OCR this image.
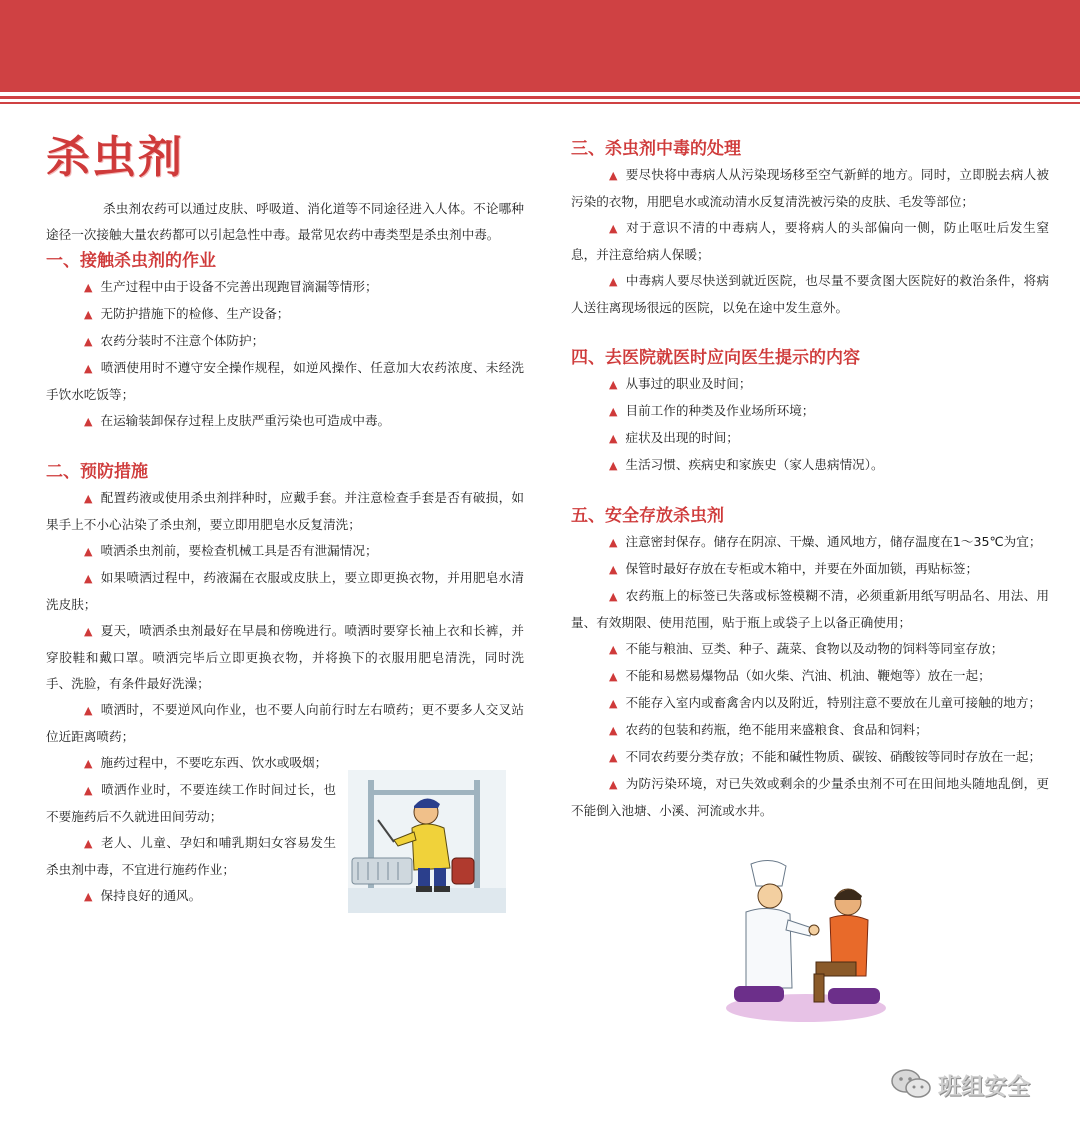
杀虫剂

杀虫剂农药可以通过皮肤、呼吸道、消化道等不同途径进入人体。不论哪种途径一次接触大量农药都可以引起急性中毒。最常见农药中毒类型是杀虫剂中毒。

一、接触杀虫剂的作业

▲ 生产过程中由于设备不完善出现跑冒滴漏等情形；

▲ 无防护措施下的检修、生产设备；

▲ 农药分装时不注意个体防护；

▲ 喷洒使用时不遵守安全操作规程，如逆风操作、任意加大农药浓度、未经洗手饮水吃饭等；

▲ 在运输装卸保存过程上皮肤严重污染也可造成中毒。

二、预防措施

▲ 配置药液或使用杀虫剂拌种时，应戴手套。并注意检查手套是否有破损，如果手上不小心沾染了杀虫剂，要立即用肥皂水反复清洗；

▲ 喷洒杀虫剂前，要检查机械工具是否有泄漏情况；

▲ 如果喷洒过程中，药液漏在衣服或皮肤上，要立即更换衣物，并用肥皂水清洗皮肤；

▲ 夏天，喷洒杀虫剂最好在早晨和傍晚进行。喷洒时要穿长袖上衣和长裤，并穿胶鞋和戴口罩。喷洒完毕后立即更换衣物，并将换下的衣服用肥皂清洗，同时洗手、洗脸，有条件最好洗澡；

▲ 喷洒时，不要逆风向作业，也不要人向前行时左右喷药；更不要多人交叉站位近距离喷药；

▲ 施药过程中，不要吃东西、饮水或吸烟；

▲ 喷洒作业时，不要连续工作时间过长，也不要施药后不久就进田间劳动；

▲ 老人、儿童、孕妇和哺乳期妇女容易发生杀虫剂中毒，不宜进行施药作业；

▲ 保持良好的通风。

三、杀虫剂中毒的处理

▲ 要尽快将中毒病人从污染现场移至空气新鲜的地方。同时，立即脱去病人被污染的衣物，用肥皂水或流动清水反复清洗被污染的皮肤、毛发等部位；

▲ 对于意识不清的中毒病人，要将病人的头部偏向一侧，防止呕吐后发生窒息，并注意给病人保暖；

▲ 中毒病人要尽快送到就近医院，也尽量不要贪图大医院好的救治条件，将病人送往离现场很远的医院，以免在途中发生意外。

四、去医院就医时应向医生提示的内容

▲ 从事过的职业及时间；

▲ 目前工作的种类及作业场所环境；

▲ 症状及出现的时间；

▲ 生活习惯、疾病史和家族史（家人患病情况）。

五、安全存放杀虫剂

▲ 注意密封保存。储存在阴凉、干燥、通风地方，储存温度在1～35℃为宜；

▲ 保管时最好存放在专柜或木箱中，并要在外面加锁，再贴标签；

▲ 农药瓶上的标签已失落或标签模糊不清，必须重新用纸写明品名、用法、用量、有效期限、使用范围，贴于瓶上或袋子上以备正确使用；

▲ 不能与粮油、豆类、种子、蔬菜、食物以及动物的饲料等同室存放；

▲ 不能和易燃易爆物品（如火柴、汽油、机油、鞭炮等）放在一起；

▲ 不能存入室内或畜禽舍内以及附近，特别注意不要放在儿童可接触的地方；

▲ 农药的包装和药瓶，绝不能用来盛粮食、食品和饲料；

▲ 不同农药要分类存放；不能和碱性物质、碳铵、硝酸铵等同时存放在一起；

▲ 为防污染环境，对已失效或剩余的少量杀虫剂不可在田间地头随地乱倒，更不能倒入池塘、小溪、河流或水井。

班组安全
